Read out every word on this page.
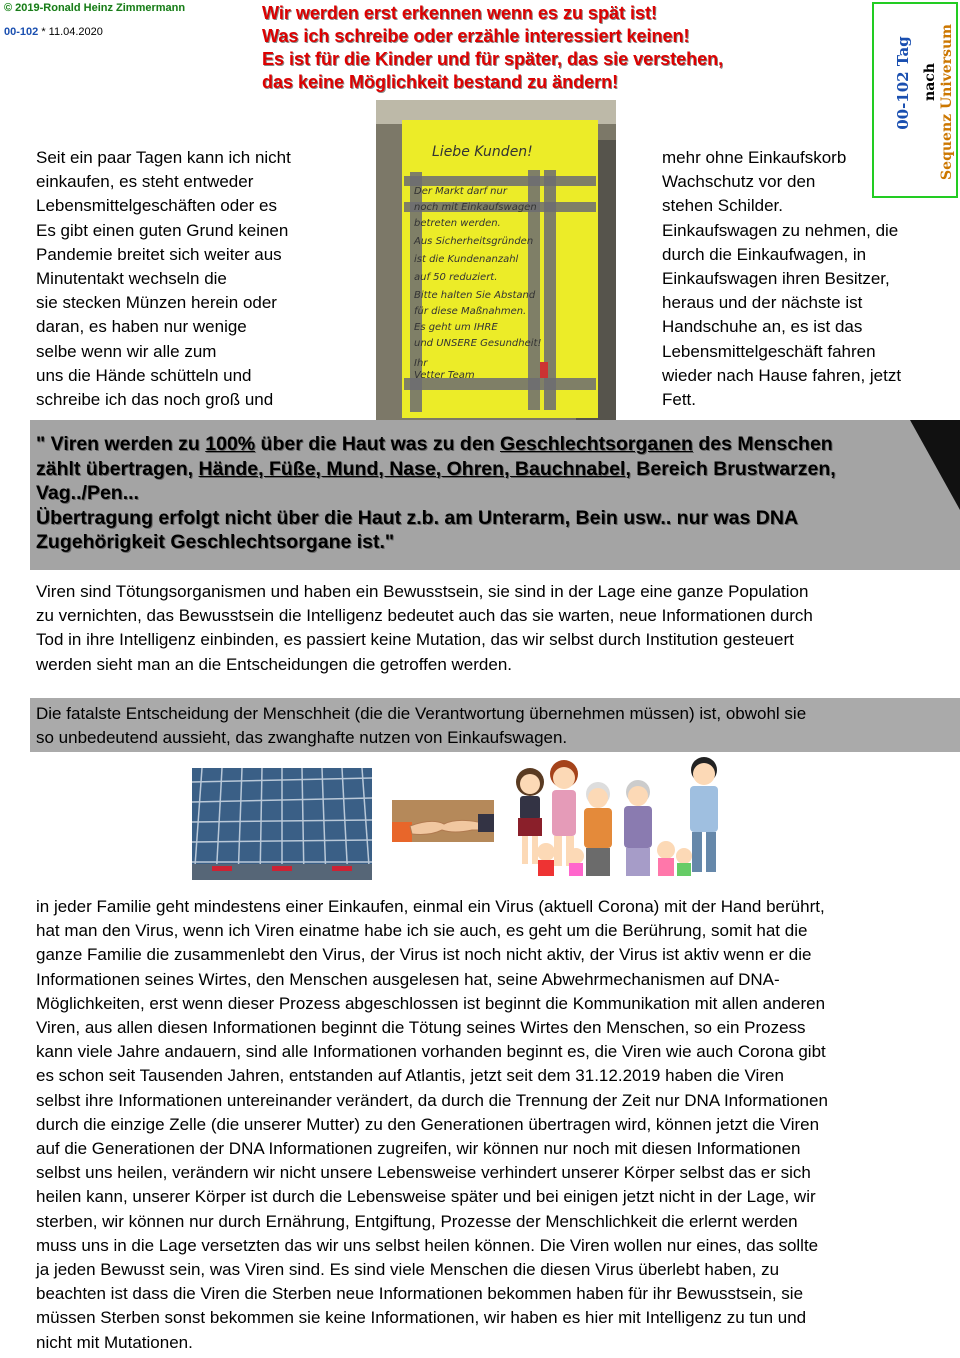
© 2019-Ronald Heinz Zimmermann
00-102 * 11.04.2020
Wir werden erst erkennen wenn es zu spät ist!
Was ich schreibe oder erzähle interessiert keinen!
Es ist für die Kinder und für später, das sie verstehen,
das keine Möglichkeit bestand zu ändern!	00-102 Tag nach Sequenz Universum
Seit ein paar Tagen kann ich nicht
einkaufen, es steht entweder
Lebensmittelgeschäften oder es
Es gibt einen guten Grund keinen
Pandemie breitet sich weiter aus
Minutentakt wechseln die
sie stecken Münzen herein oder
daran, es haben nur wenige
selbe wenn wir alle zum
uns die Hände schütteln und
schreibe ich das noch groß und
Liebe Kunden!
Der Markt darf nur
noch mit Einkaufswagen
betreten werden.
Aus Sicherheitsgründen
ist die Kundenanzahl
auf 50 reduziert.
Bitte halten Sie Abstand
für diese Maßnahmen.
Es geht um IHRE
und UNSERE Gesundheit!
Ihr
Vetter Team
mehr ohne Einkaufskorb
Wachschutz vor den
stehen Schilder.
Einkaufswagen zu nehmen, die
durch die Einkaufwagen, in
Einkaufswagen ihren Besitzer,
heraus und der nächste ist
Handschuhe an, es ist das
Lebensmittelgeschäft fahren
wieder nach Hause fahren, jetzt
Fett.
" Viren werden zu 100% über die Haut was zu den Geschlechtsorganen des Menschen
zählt übertragen, Hände, Füße, Mund, Nase, Ohren, Bauchnabel, Bereich Brustwarzen,
Vag../Pen...
Übertragung erfolgt nicht über die Haut z.b. am Unterarm, Bein usw.. nur was DNA
Zugehörigkeit Geschlechtsorgane ist."
Viren sind Tötungsorganismen und haben ein Bewusstsein, sie sind in der Lage eine ganze Population
zu vernichten, das Bewusstsein die Intelligenz bedeutet auch das sie warten, neue Informationen durch
Tod in ihre Intelligenz einbinden, es passiert keine Mutation, das wir selbst durch Institution gesteuert
werden sieht man an die Entscheidungen die getroffen werden.
Die fatalste Entscheidung der Menschheit (die die Verantwortung übernehmen müssen) ist, obwohl sie
so unbedeutend aussieht, das zwanghafte nutzen von Einkaufswagen.
in jeder Familie geht mindestens einer Einkaufen, einmal ein Virus (aktuell Corona) mit der Hand berührt,
hat man den Virus, wenn ich Viren einatme habe ich sie auch, es geht um die Berührung, somit hat die
ganze Familie die zusammenlebt den Virus, der Virus ist noch nicht aktiv, der Virus ist aktiv wenn er die
Informationen seines Wirtes, den Menschen ausgelesen hat, seine Abwehrmechanismen auf DNA-
Möglichkeiten, erst wenn dieser Prozess abgeschlossen ist beginnt die Kommunikation mit allen anderen
Viren, aus allen diesen Informationen beginnt die Tötung seines Wirtes den Menschen, so ein Prozess
kann viele Jahre andauern, sind alle Informationen vorhanden beginnt es, die Viren wie auch Corona gibt
es schon seit Tausenden Jahren, entstanden auf Atlantis, jetzt seit dem 31.12.2019 haben die Viren
selbst ihre Informationen untereinander verändert, da durch die Trennung der Zeit nur DNA Informationen
durch die einzige Zelle (die unserer Mutter) zu den Generationen übertragen wird, können jetzt die Viren
auf die Generationen der DNA Informationen zugreifen, wir können nur noch mit diesen Informationen
selbst uns heilen, verändern wir nicht unsere Lebensweise verhindert unserer Körper selbst das er sich
heilen kann, unserer Körper ist durch die Lebensweise später und bei einigen jetzt nicht in der Lage, wir
sterben, wir können nur durch Ernährung, Entgiftung, Prozesse der Menschlichkeit die erlernt werden
muss uns in die Lage versetzten das wir uns selbst heilen können. Die Viren wollen nur eines, das sollte
ja jeden Bewusst sein, was Viren sind. Es sind viele Menschen die diesen Virus überlebt haben, zu
beachten ist dass die Viren die Sterben neue Informationen bekommen haben für ihr Bewusstsein, sie
müssen Sterben sonst bekommen sie keine Informationen, wir haben es hier mit Intelligenz zu tun und
nicht mit Mutationen.
